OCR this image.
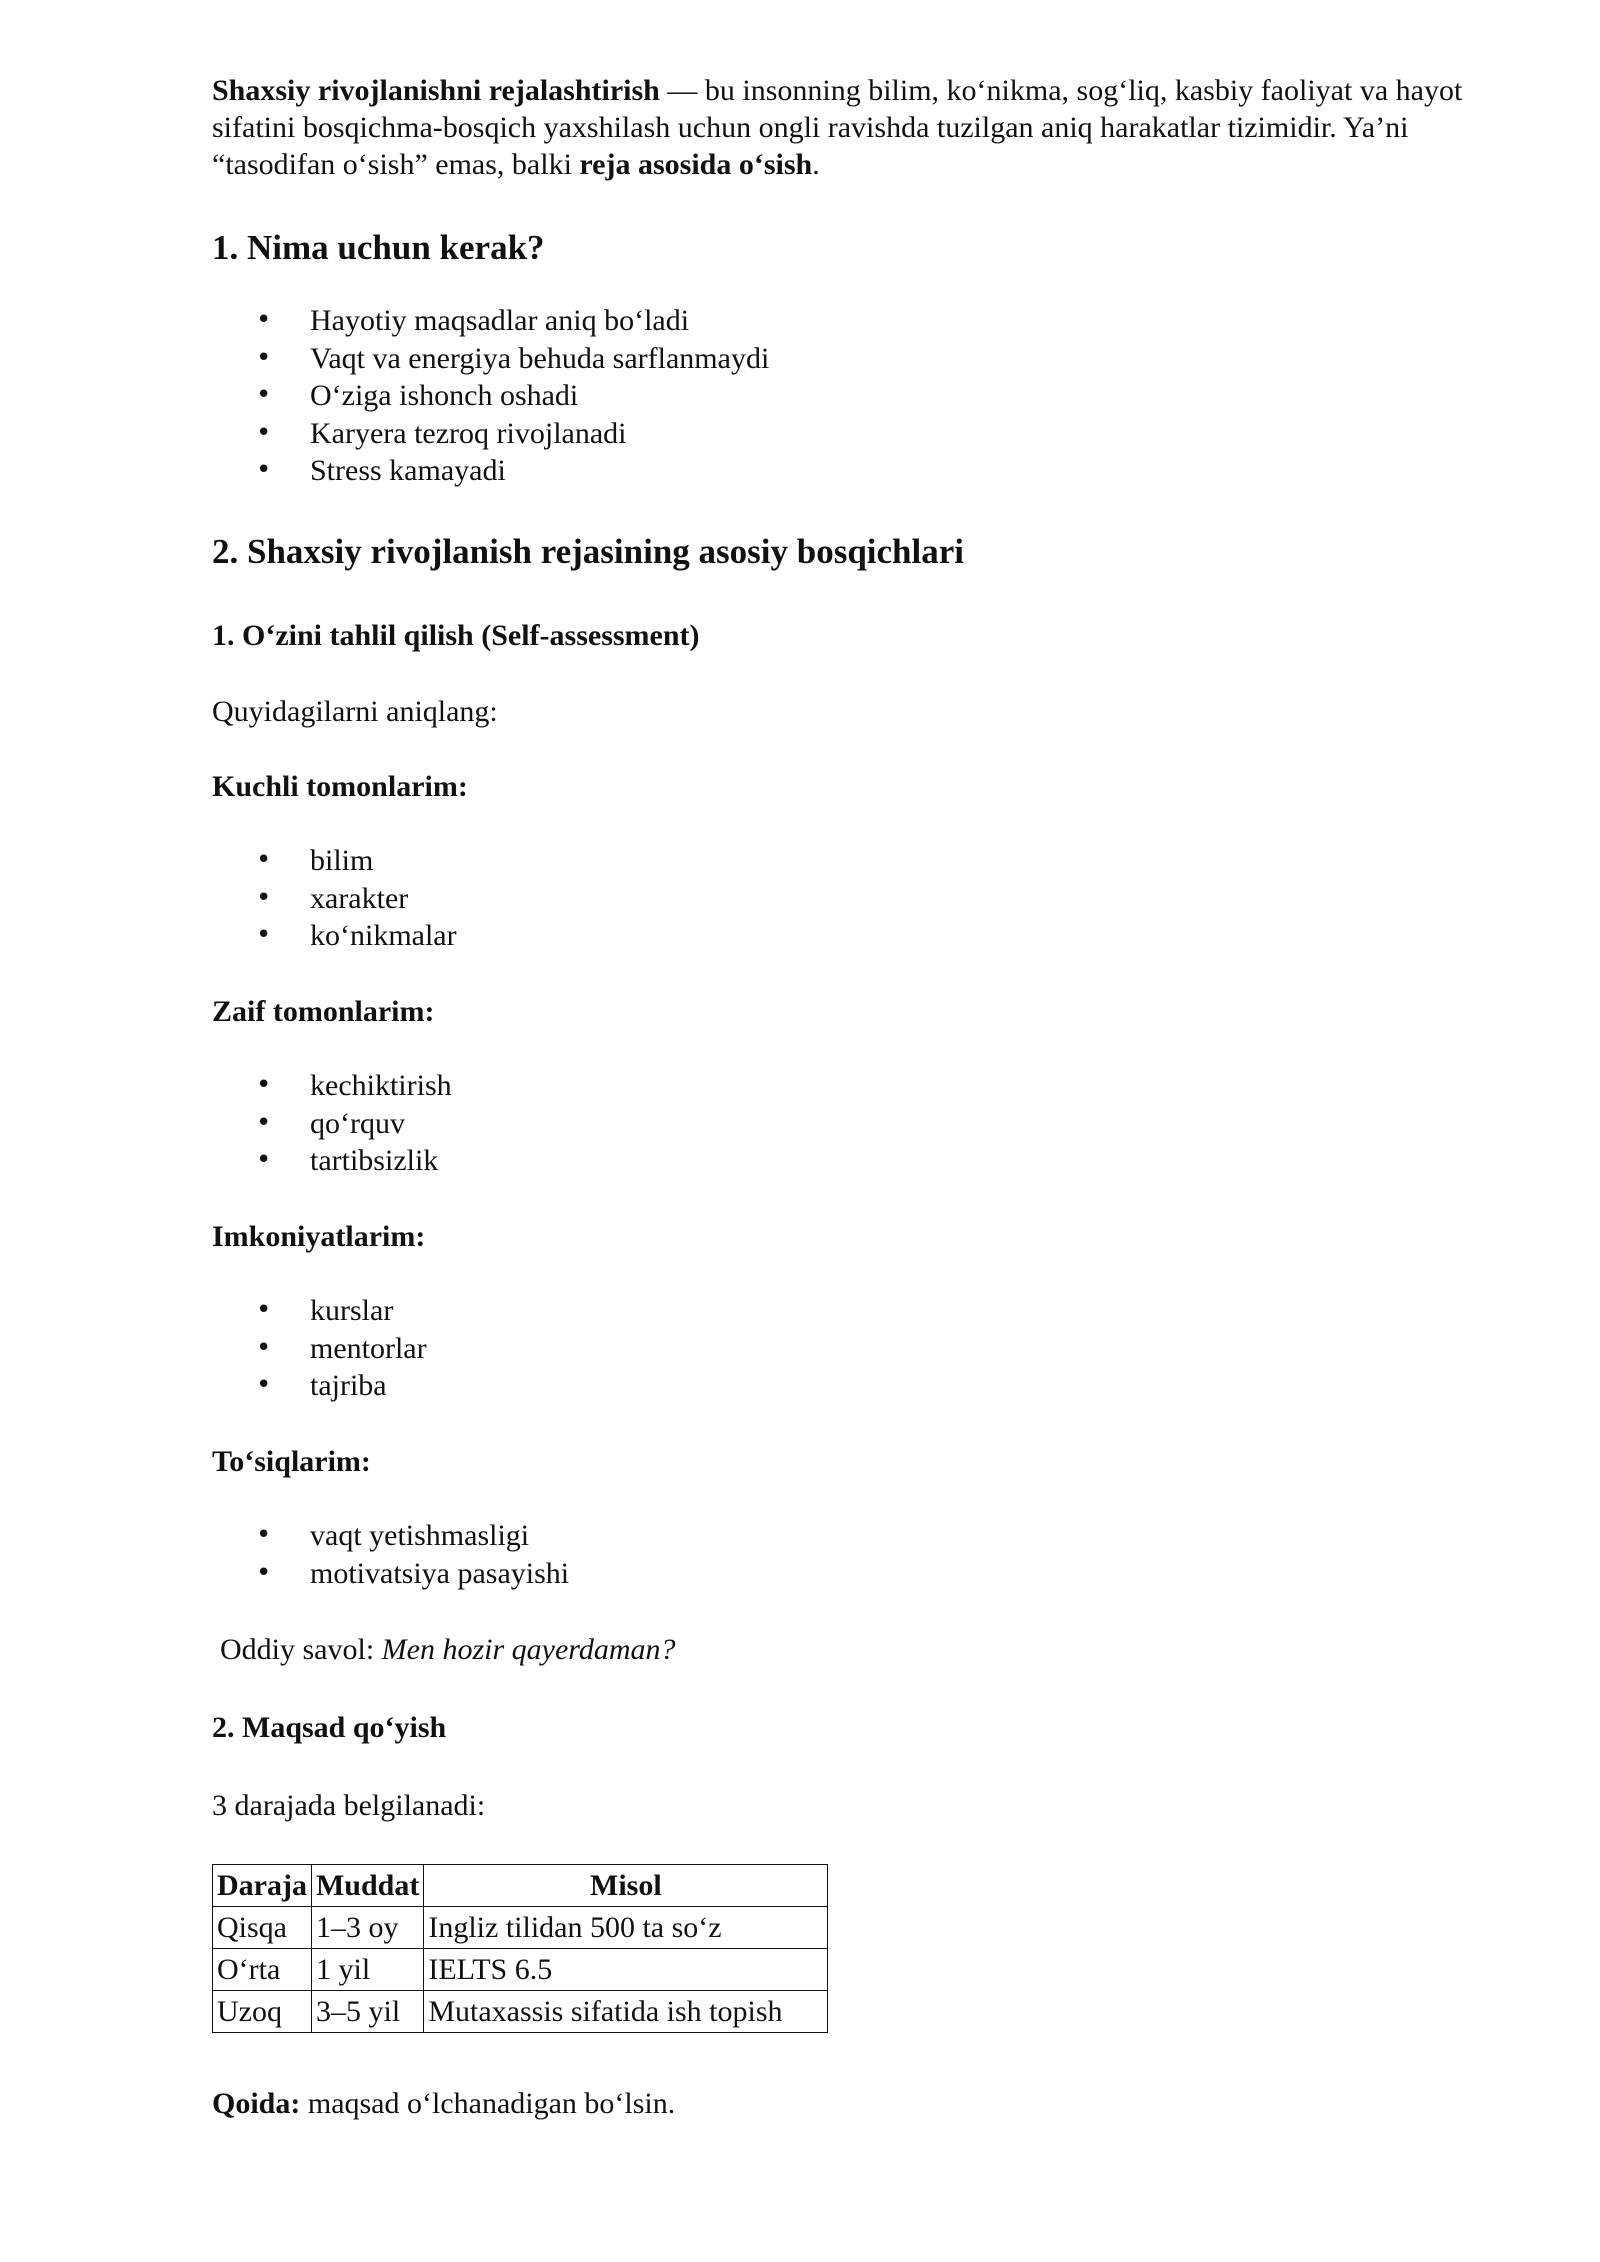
Shaxsiy rivojlanishni rejalashtirish — bu insonning bilim, ko‘nikma, sog‘liq, kasbiy faoliyat va hayot sifatini bosqichma-bosqich yaxshilash uchun ongli ravishda tuzilgan aniq harakatlar tizimidir. Ya’ni “tasodifan o‘sish” emas, balki reja asosida o‘sish.

1. Nima uchun kerak?
• Hayotiy maqsadlar aniq bo‘ladi
• Vaqt va energiya behuda sarflanmaydi
• O‘ziga ishonch oshadi
• Karyera tezroq rivojlanadi
• Stress kamayadi
2. Shaxsiy rivojlanish rejasining asosiy bosqichlari
1. O‘zini tahlil qilish (Self-assessment)

Quyidagilarni aniqlang:

Kuchli tomonlarim:

• bilim
• xarakter
• ko‘nikmalar

Zaif tomonlarim:

• kechiktirish
• qo‘rquv
• tartibsizlik

Imkoniyatlarim:

• kurslar
• mentorlar
• tajriba

To‘siqlarim:

• vaqt yetishmasligi
• motivatsiya pasayishi

Oddiy savol: Men hozir qayerdaman?

2. Maqsad qo‘yish

3 darajada belgilanadi:

Daraja	Muddat	Misol
Qisqa	1–3 oy	Ingliz tilidan 500 ta so‘z
O‘rta	1 yil	IELTS 6.5
Uzoq	3–5 yil	Mutaxassis sifatida ish topish

Qoida: maqsad o‘lchanadigan bo‘lsin.
